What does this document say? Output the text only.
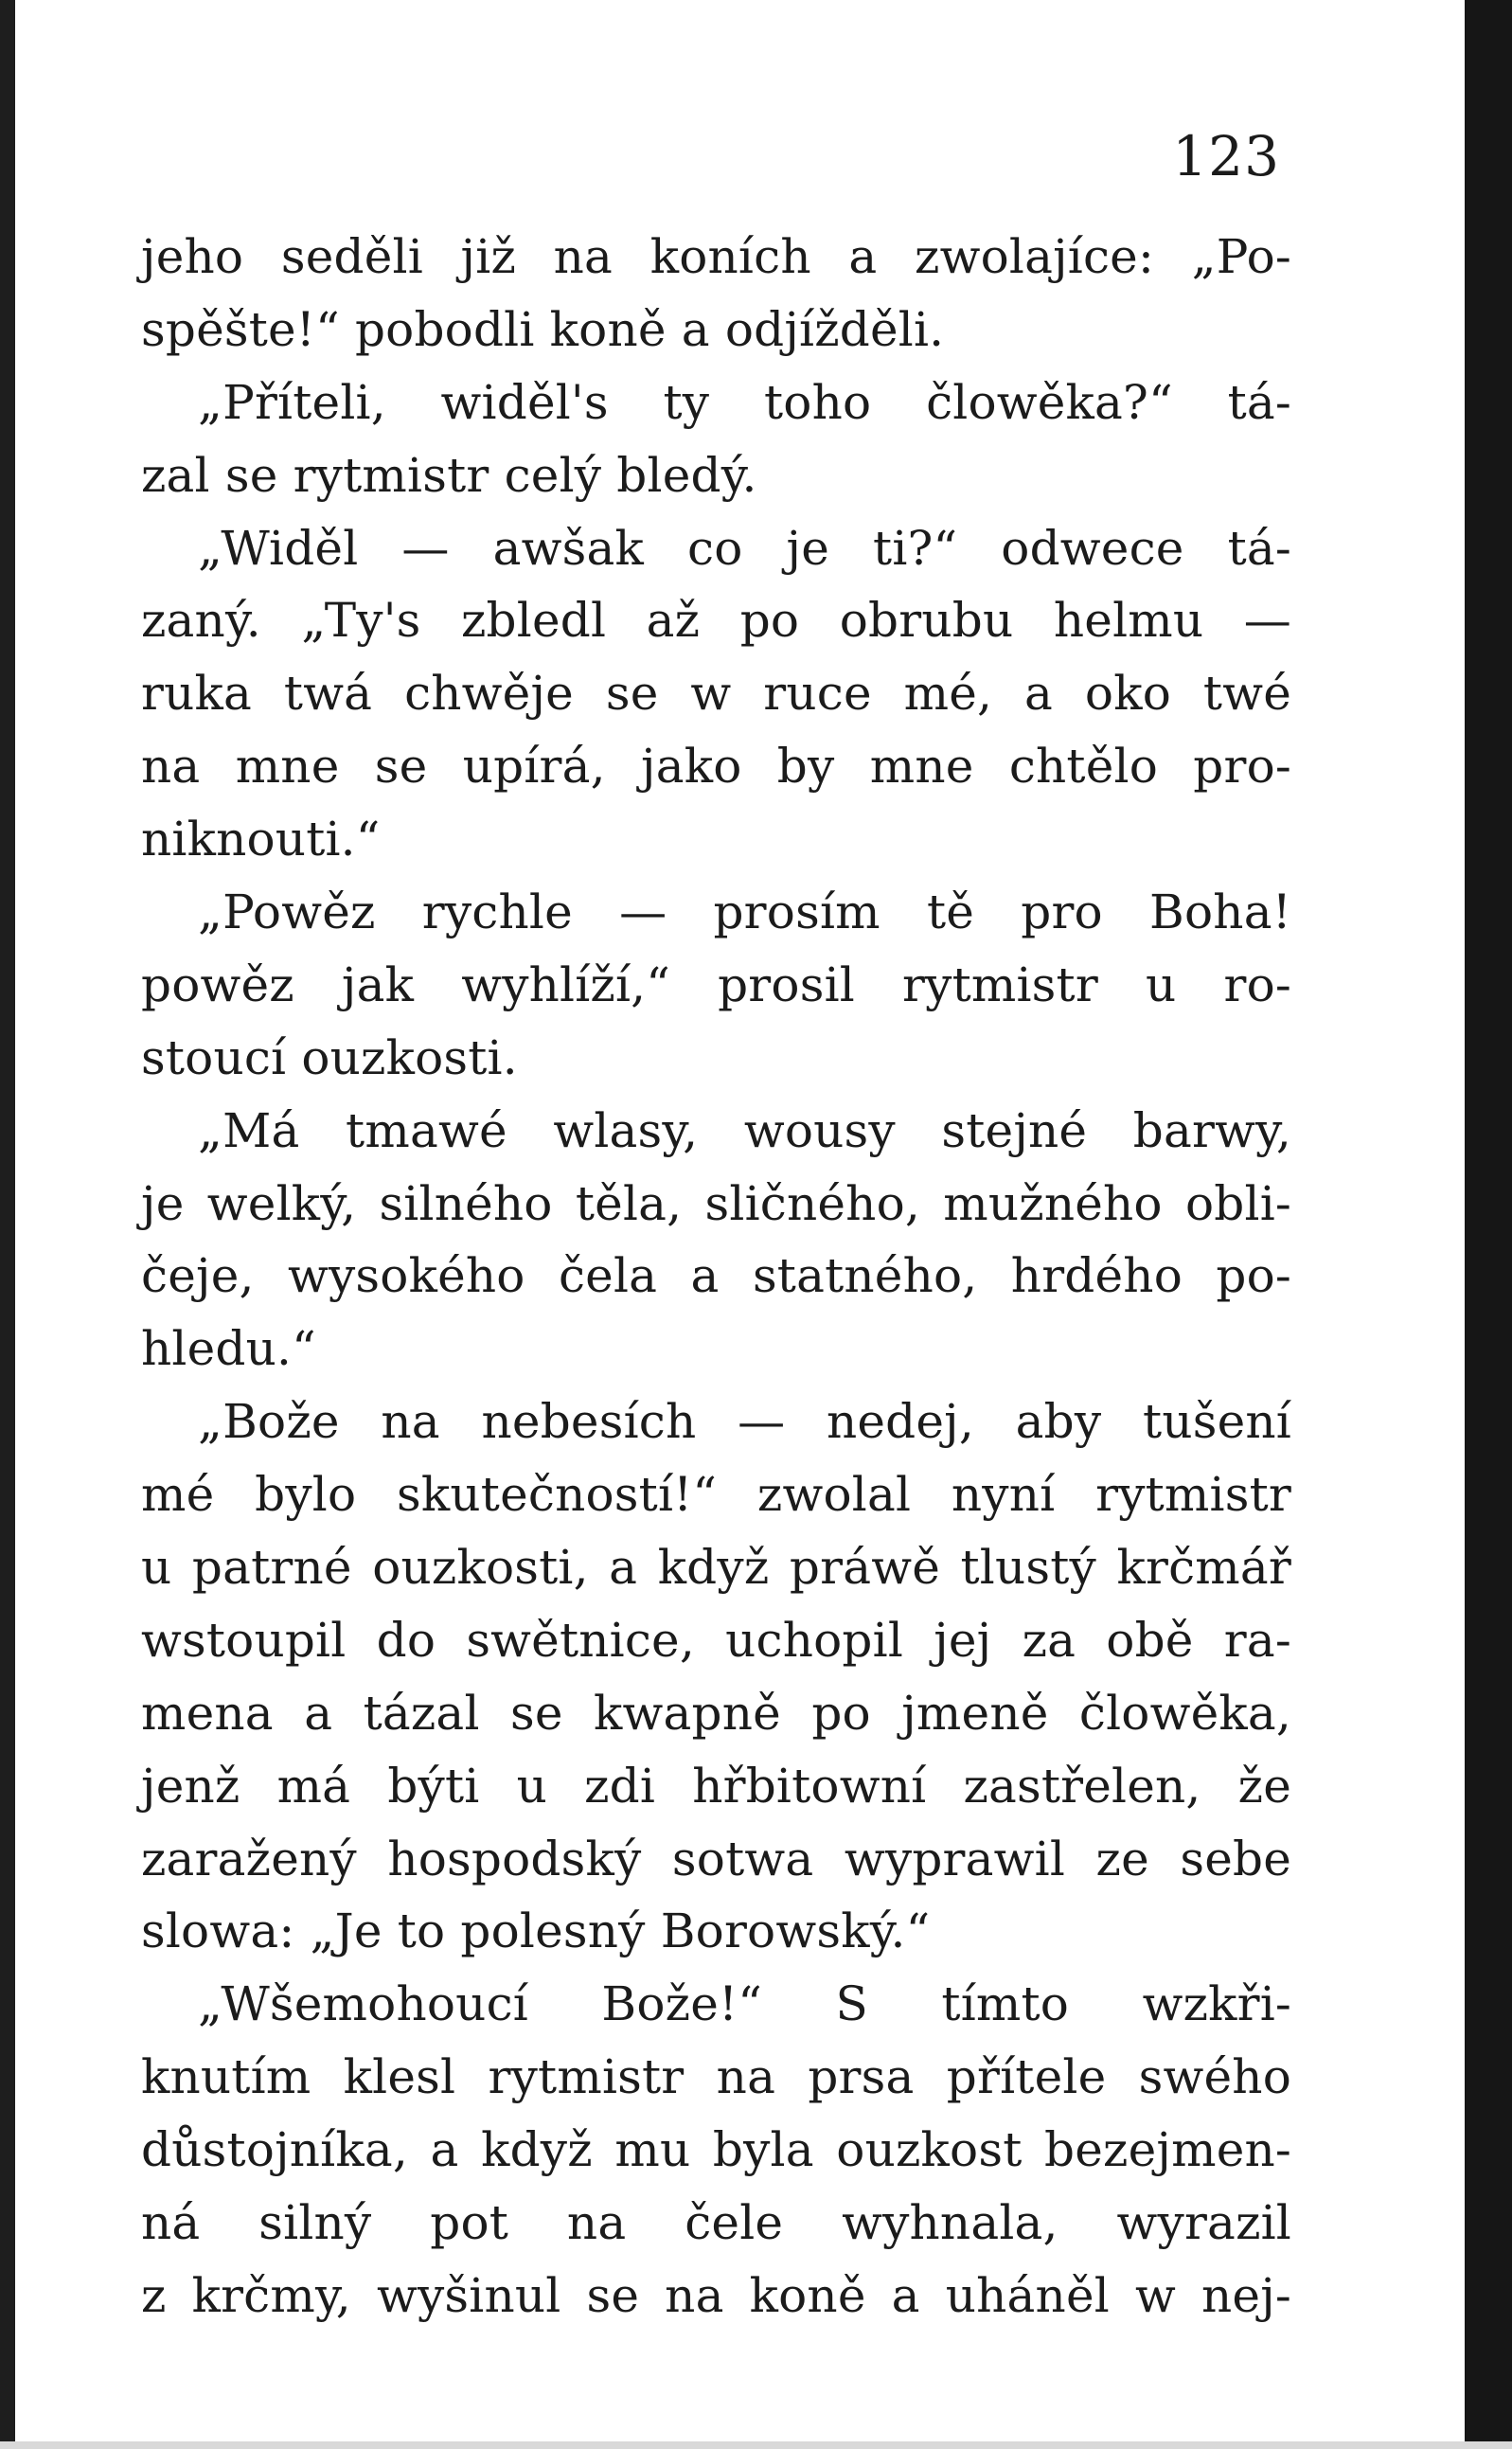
123
jeho seděli již na koních a zwolajíce: „Po-
spěšte!“ pobodli koně a odjížděli.
„Příteli, widěl's ty toho člowěka?“ tá-
zal se rytmistr celý bledý.
„Widěl — awšak co je ti?“ odwece tá-
zaný. „Ty's zbledl až po obrubu helmu —
ruka twá chwěje se w ruce mé, a oko twé
na mne se upírá, jako by mne chtělo pro-
niknouti.“
„Powěz rychle — prosím tě pro Boha!
powěz jak wyhlíží,“ prosil rytmistr u ro-
stoucí ouzkosti.
„Má tmawé wlasy, wousy stejné barwy,
je welký, silného těla, sličného, mužného obli-
čeje, wysokého čela a statného, hrdého po-
hledu.“
„Bože na nebesích — nedej, aby tušení
mé bylo skutečností!“ zwolal nyní rytmistr
u patrné ouzkosti, a když práwě tlustý krčmář
wstoupil do swětnice, uchopil jej za obě ra-
mena a tázal se kwapně po jmeně člowěka,
jenž má býti u zdi hřbitowní zastřelen, že
zaražený hospodský sotwa wyprawil ze sebe
slowa: „Je to polesný Borowský.“
„Wšemohoucí Bože!“ S tímto wzkři-
knutím klesl rytmistr na prsa přítele swého
důstojníka, a když mu byla ouzkost bezejmen-
ná silný pot na čele wyhnala, wyrazil
z krčmy, wyšinul se na koně a uháněl w nej-
